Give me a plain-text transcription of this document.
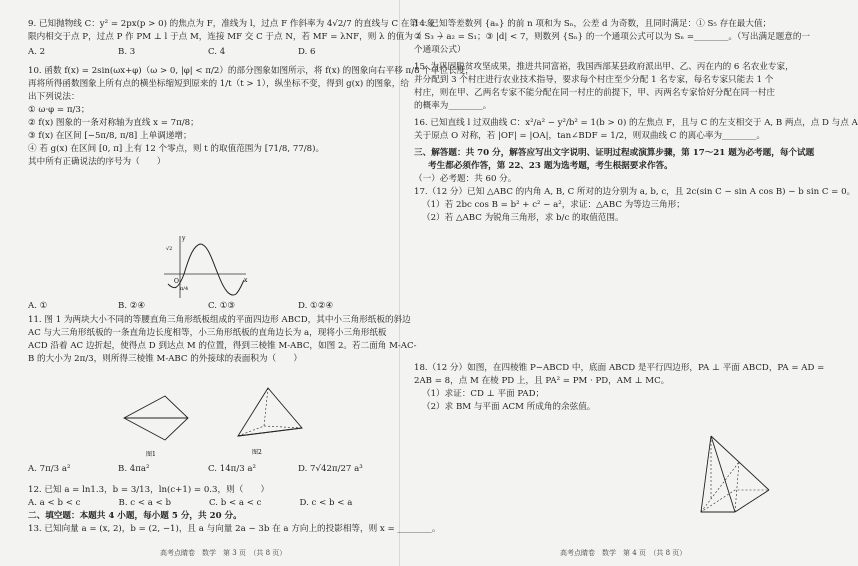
9. 已知抛物线 C：y² = 2px(p > 0) 的焦点为 F，准线为 l，过点 F 作斜率为 4√2/7 的直线与 C 在第一象
限内相交于点 P，过点 P 作 PM ⊥ l 于点 M，连接 MF 交 C 于点 N，若 MF = λNF，则 λ 的值为（　　）
A. 2	B. 3	C. 4	D. 6
10. 函数 f(x) = 2sin(ωx+φ)（ω > 0, |φ| < π/2）的部分图象如图所示，将 f(x) 的图象向右平移 π/8 个单位长度，
再将所得函数图象上所有点的横坐标缩短到原来的 1/t（t > 1），纵坐标不变，得到 g(x) 的图象，给
出下列说法：
① ω·φ = π/3；
② f(x) 图象的一条对称轴为直线 x = 7π/8；
③ f(x) 在区间 [−5π/8, π/8] 上单调递增；
④ 若 g(x) 在区间 [0, π] 上有 12 个零点，则 t 的取值范围为 [71/8, 77/8)。
其中所有正确说法的序号为（　　）
O	x
y
π/4
√2
A. ①	B. ②④	C. ①③	D. ①②④
11. 图 1 为两块大小不同的等腰直角三角形纸板组成的平面四边形 ABCD，其中小三角形纸板的斜边
AC 与大三角形纸板的一条直角边长度相等，小三角形纸板的直角边长为 a，现将小三角形纸板
ACD 沿着 AC 边折起，使得点 D 到达点 M 的位置，得到三棱锥 M-ABC，如图 2。若二面角 M-AC-
B 的大小为 2π/3，则所得三棱锥 M-ABC 的外接球的表面积为（　　）
图1	图2
A. 7π/3 a²	B. 4πa²	C. 14π/3 a²	D. 7√42π/27 a³
12. 已知 a = ln1.3，b = 3/13，ln(c+1) = 0.3，则（　　）
A. a < b < c	B. c < a < b	C. b < a < c	D. c < b < a
二、填空题：本题共 4 小题，每小题 5 分，共 20 分。
13. 已知向量 a = (x, 2)，b = (2, −1)，且 a 与向量 2a − 3b 在 a 方向上的投影相等，则 x = ________。
高考点睛卷　数学　第 3 页　（共 8 页）
14. 已知等差数列 {aₙ} 的前 n 项和为 Sₙ，公差 d 为奇数，且同时满足：① S₅ 存在最大值；
② S₃ − a₂ = S₁；③ |d| < 7，则数列 {Sₙ} 的一个通项公式可以为 Sₙ =________。（写出满足题意的一
个通项公式）
15. 为巩固脱贫攻坚成果，推进共同富裕，我国西部某县政府派出甲、乙、丙在内的 6 名农业专家，
并分配到 3 个村庄进行农业技术指导，要求每个村庄至少分配 1 名专家，每名专家只能去 1 个
村庄，则在甲、乙两名专家不能分配在同一村庄的前提下，甲、丙两名专家恰好分配在同一村庄
的概率为________。
16. 已知直线 l 过双曲线 C：x²/a² − y²/b² = 1(b > 0) 的左焦点 F，且与 C 的左支相交于 A, B 两点，点 D 与点 A
关于原点 O 对称，若 |OF| = |OA|，tan∠BDF = 1/2，则双曲线 C 的离心率为________。
三、解答题：共 70 分，解答应写出文字说明、证明过程或演算步骤，第 17～21 题为必考题，每个试题
考生都必须作答，第 22、23 题为选考题，考生根据要求作答。
（一）必考题：共 60 分。
17.（12 分）已知 △ABC 的内角 A, B, C 所对的边分别为 a, b, c，且 2c(sin C − sin A cos B) − b sin C = 0。
（1）若 2bc cos B = b² + c² − a²，求证：△ABC 为等边三角形；
（2）若 △ABC 为锐角三角形，求 b/c 的取值范围。
18.（12 分）如图，在四棱锥 P−ABCD 中，底面 ABCD 是平行四边形，PA ⊥ 平面 ABCD，PA = AD =
2AB = 8，点 M 在棱 PD 上，且 PA² = PM · PD，AM ⊥ MC。
（1）求证：CD ⊥ 平面 PAD；
（2）求 BM 与平面 ACM 所成角的余弦值。
高考点睛卷　数学　第 4 页　（共 8 页）
